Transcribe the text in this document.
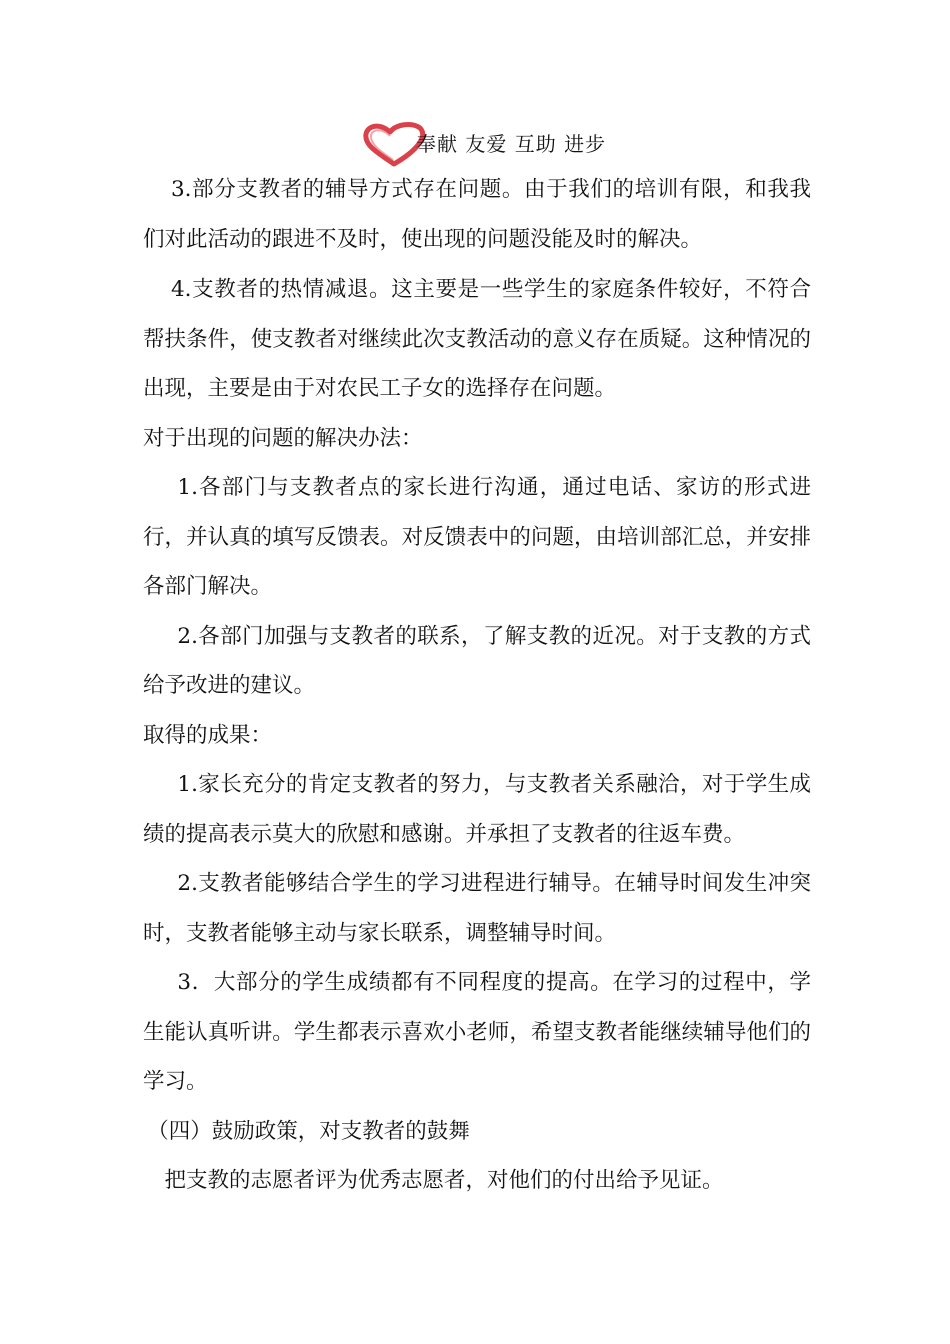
奉献 友爱 互助 进步

3.部分支教者的辅导方式存在问题。由于我们的培训有限，和我我们对此活动的跟进不及时，使出现的问题没能及时的解决。

4.支教者的热情减退。这主要是一些学生的家庭条件较好，不符合帮扶条件，使支教者对继续此次支教活动的意义存在质疑。这种情况的出现，主要是由于对农民工子女的选择存在问题。

对于出现的问题的解决办法：

1.各部门与支教者点的家长进行沟通，通过电话、家访的形式进行，并认真的填写反馈表。对反馈表中的问题，由培训部汇总，并安排各部门解决。

2.各部门加强与支教者的联系，了解支教的近况。对于支教的方式给予改进的建议。

取得的成果：

1.家长充分的肯定支教者的努力，与支教者关系融洽，对于学生成绩的提高表示莫大的欣慰和感谢。并承担了支教者的往返车费。

2.支教者能够结合学生的学习进程进行辅导。在辅导时间发生冲突时，支教者能够主动与家长联系，调整辅导时间。

3．大部分的学生成绩都有不同程度的提高。在学习的过程中，学生能认真听讲。学生都表示喜欢小老师，希望支教者能继续辅导他们的学习。

（四）鼓励政策，对支教者的鼓舞

把支教的志愿者评为优秀志愿者，对他们的付出给予见证。
